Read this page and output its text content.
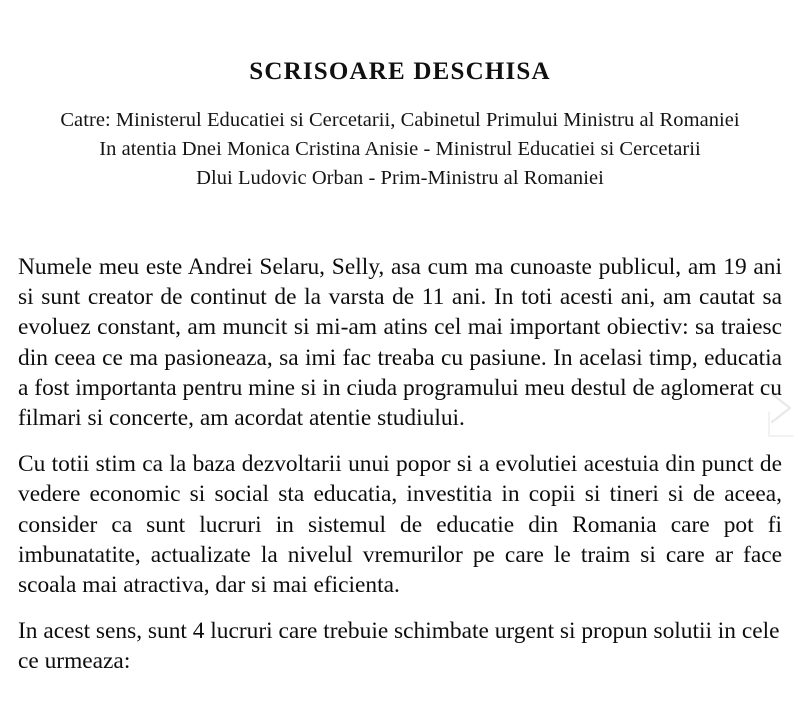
SCRISOARE DESCHISA
Catre: Ministerul Educatiei si Cercetarii, Cabinetul Primului Ministru al Romaniei
In atentia Dnei Monica Cristina Anisie - Ministrul Educatiei si Cercetarii
Dlui Ludovic Orban - Prim-Ministru al Romaniei

Numele meu este Andrei Selaru, Selly, asa cum ma cunoaste publicul, am 19 ani si sunt creator de continut de la varsta de 11 ani. In toti acesti ani, am cautat sa evoluez constant, am muncit si mi-am atins cel mai important obiectiv: sa traiesc din ceea ce ma pasioneaza, sa imi fac treaba cu pasiune. In acelasi timp, educatia a fost importanta pentru mine si in ciuda programului meu destul de aglomerat cu filmari si concerte, am acordat atentie studiului.

Cu totii stim ca la baza dezvoltarii unui popor si a evolutiei acestuia din punct de vedere economic si social sta educatia, investitia in copii si tineri si de aceea, consider ca sunt lucruri in sistemul de educatie din Romania care pot fi imbunatatite, actualizate la nivelul vremurilor pe care le traim si care ar face scoala mai atractiva, dar si mai eficienta.

In acest sens, sunt 4 lucruri care trebuie schimbate urgent si propun solutii in cele ce urmeaza:
